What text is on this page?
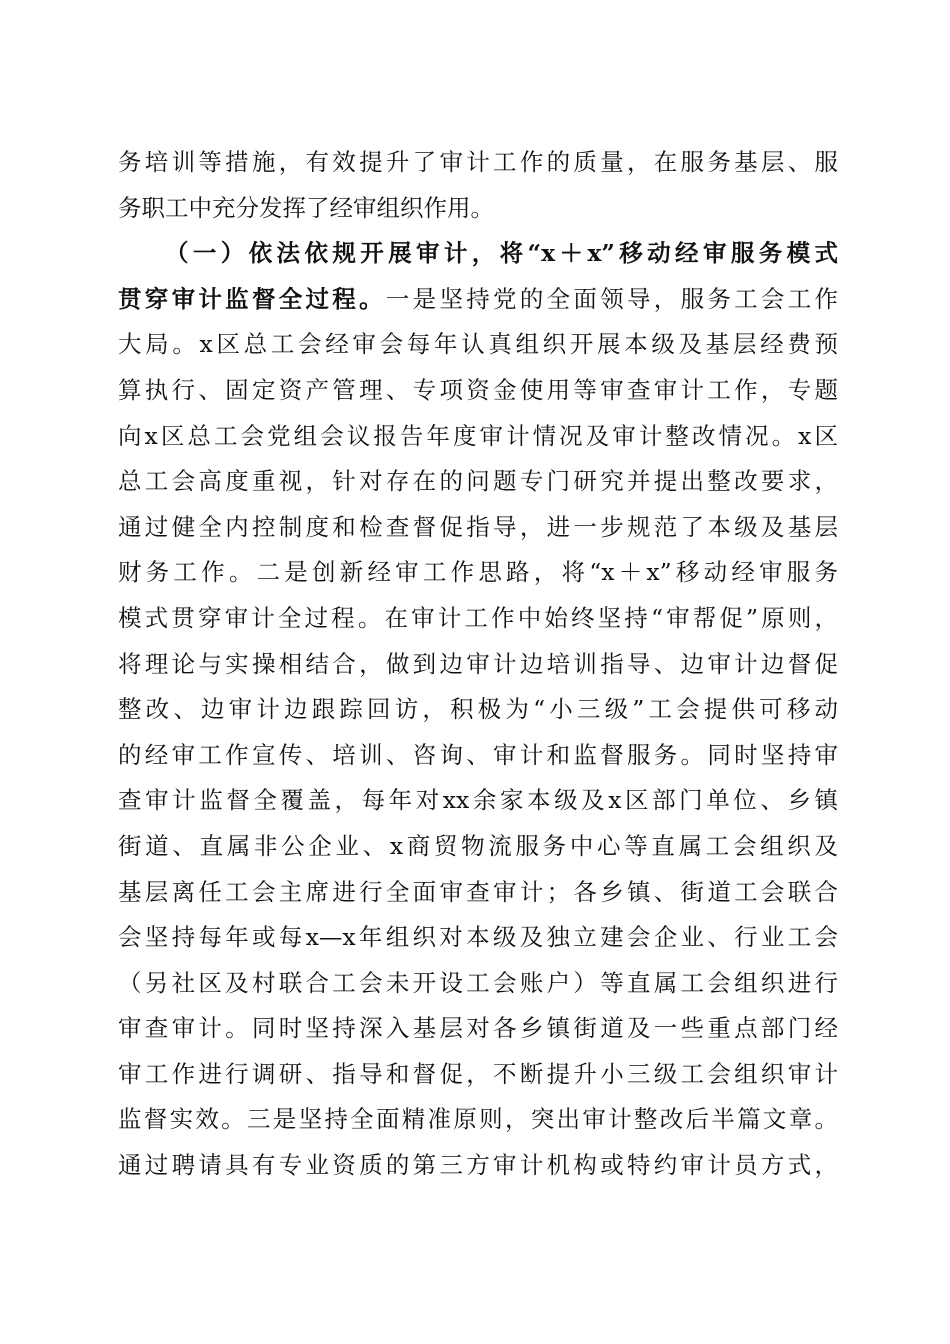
务培训等措施，有效提升了审计工作的质量，在服务基层、服
务职工中充分发挥了经审组织作用。
（一）依法依规开展审计，将“x＋x”移动经审服务模式
贯穿审计监督全过程。一是坚持党的全面领导，服务工会工作
大局。x区总工会经审会每年认真组织开展本级及基层经费预
算执行、固定资产管理、专项资金使用等审查审计工作，专题
向x区总工会党组会议报告年度审计情况及审计整改情况。x区
总工会高度重视，针对存在的问题专门研究并提出整改要求，
通过健全内控制度和检查督促指导，进一步规范了本级及基层
财务工作。二是创新经审工作思路，将“x＋x”移动经审服务
模式贯穿审计全过程。在审计工作中始终坚持“审帮促”原则，
将理论与实操相结合，做到边审计边培训指导、边审计边督促
整改、边审计边跟踪回访，积极为“小三级”工会提供可移动
的经审工作宣传、培训、咨询、审计和监督服务。同时坚持审
查审计监督全覆盖，每年对xx余家本级及x区部门单位、乡镇
街道、直属非公企业、x商贸物流服务中心等直属工会组织及
基层离任工会主席进行全面审查审计；各乡镇、街道工会联合
会坚持每年或每x—x年组织对本级及独立建会企业、行业工会
（另社区及村联合工会未开设工会账户）等直属工会组织进行
审查审计。同时坚持深入基层对各乡镇街道及一些重点部门经
审工作进行调研、指导和督促，不断提升小三级工会组织审计
监督实效。三是坚持全面精准原则，突出审计整改后半篇文章。
通过聘请具有专业资质的第三方审计机构或特约审计员方式，
